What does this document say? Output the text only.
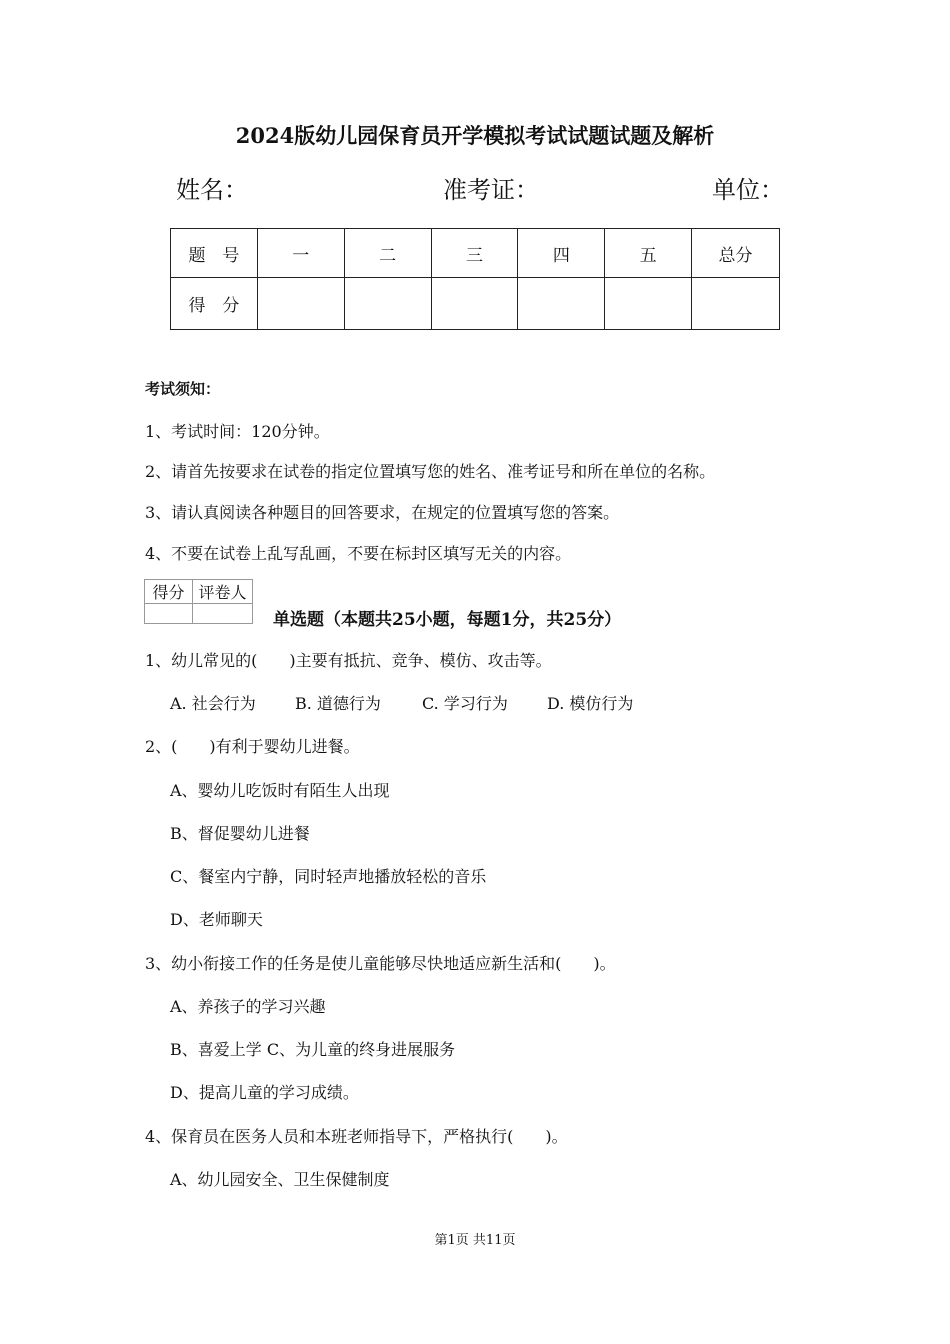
2024版幼儿园保育员开学模拟考试试题试题及解析
姓名：	准考证：	单位：
题　号	一	二	三	四	五	总分
得　分						
考试须知：
1、考试时间：120分钟。
2、请首先按要求在试卷的指定位置填写您的姓名、准考证号和所在单位的名称。
3、请认真阅读各种题目的回答要求，在规定的位置填写您的答案。
4、不要在试卷上乱写乱画，不要在标封区填写无关的内容。
得分	评卷人

单选题（本题共25小题，每题1分，共25分）
1、幼儿常见的(　　)主要有抵抗、竞争、模仿、攻击等。
A. 社会行为 B. 道德行为	C. 学习行为 D. 模仿行为
2、(　　)有利于婴幼儿进餐。
A、婴幼儿吃饭时有陌生人出现
B、督促婴幼儿进餐
C、餐室内宁静，同时轻声地播放轻松的音乐
D、老师聊天
3、幼小衔接工作的任务是使儿童能够尽快地适应新生活和(　　)。
A、养孩子的学习兴趣
B、喜爱上学 C、为儿童的终身进展服务
D、提高儿童的学习成绩。
4、保育员在医务人员和本班老师指导下，严格执行(　　)。
A、幼儿园安全、卫生保健制度
第1页 共11页
